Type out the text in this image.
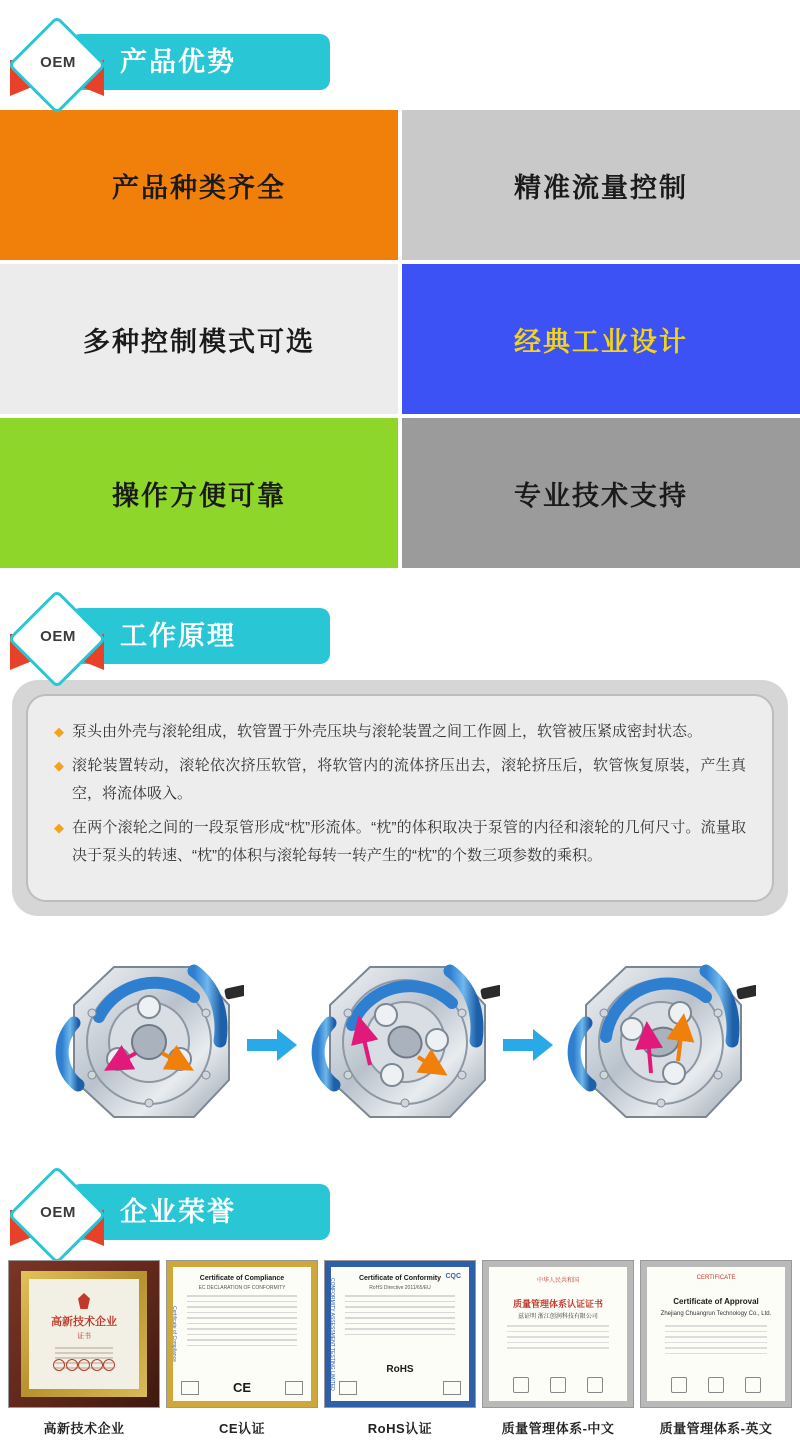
OEM	产品优势
产品种类齐全	精准流量控制
多种控制模式可选	经典工业设计
操作方便可靠	专业技术支持
OEM	工作原理
◆ 泵头由外壳与滚轮组成，软管置于外壳压块与滚轮装置之间工作圆上，软管被压紧成密封状态。
◆ 滚轮装置转动，滚轮依次挤压软管，将软管内的流体挤压出去，滚轮挤压后，软管恢复原装，产生真空，将流体吸入。
◆ 在两个滚轮之间的一段泵管形成“枕”形流体。“枕”的体积取决于泵管的内径和滚轮的几何尺寸。流量取决于泵头的转速、“枕”的体积与滚轮每转一转产生的“枕”的个数三项参数的乘积。
OEM	企业荣誉
高新技术企业
证书
高新技术企业
Certificate of Compliance
EC DECLARATION OF CONFORMITY
CE
Certificate of Compliance
CE认证
CQC
Certificate of Conformity
RoHS Directive 2011/65/EU
RoHS
CONFORMITY ASSESSMENT TESTING LIMITED
RoHS认证
中华人民共和国
质量管理体系认证证书
兹证明 浙江创润科技有限公司
质量管理体系-中文
CERTIFICATE
Certificate of Approval
Zhejiang Chuangrun Technology Co., Ltd.
质量管理体系-英文
